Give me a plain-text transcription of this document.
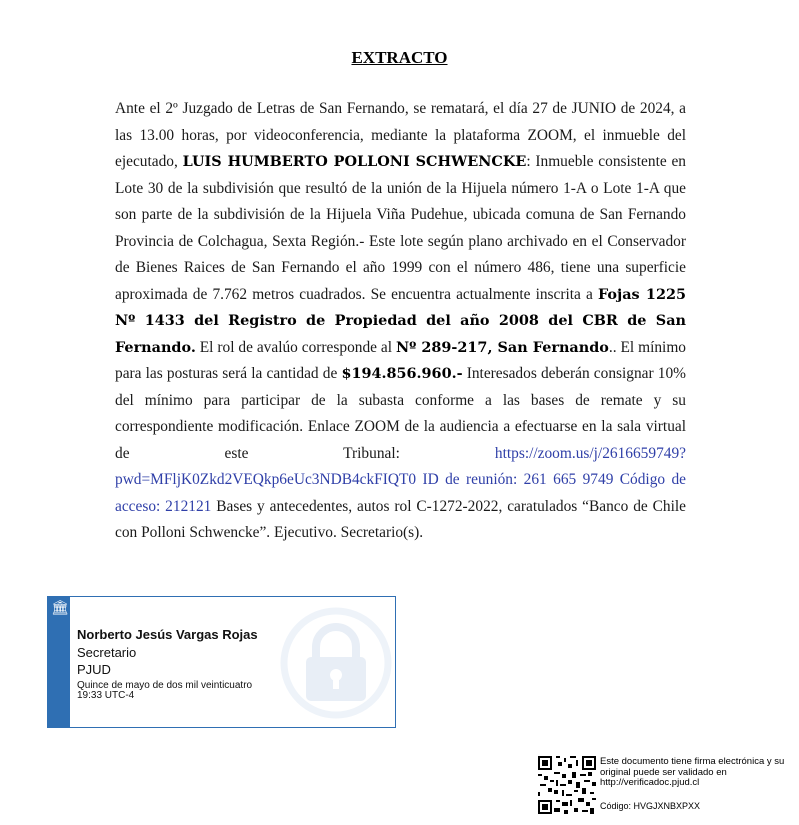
EXTRACTO
Ante el 2º Juzgado de Letras de San Fernando, se rematará, el día 27 de JUNIO de 2024, a las 13.00 horas, por videoconferencia, mediante la plataforma ZOOM, el inmueble del ejecutado, LUIS HUMBERTO POLLONI SCHWENCKE: Inmueble consistente en Lote 30 de la subdivisión que resultó de la unión de la Hijuela número 1-A o Lote 1-A que son parte de la subdivisión de la Hijuela Viña Pudehue, ubicada comuna de San Fernando Provincia de Colchagua, Sexta Región.- Este lote según plano archivado en el Conservador de Bienes Raices de San Fernando el año 1999 con el número 486, tiene una superficie aproximada de 7.762 metros cuadrados. Se encuentra actualmente inscrita a Fojas 1225 Nº 1433 del Registro de Propiedad del año 2008 del CBR de San Fernando. El rol de avalúo corresponde al Nº 289-217, San Fernando.. El mínimo para las posturas será la cantidad de $194.856.960.- Interesados deberán consignar 10% del mínimo para participar de la subasta conforme a las bases de remate y su correspondiente modificación. Enlace ZOOM de la audiencia a efectuarse en la sala virtual de este Tribunal: https://zoom.us/j/2616659749?pwd=MFljK0Zkd2VEQkp6eUc3NDB4ckFIQT0 ID de reunión: 261 665 9749 Código de acceso: 212121 Bases y antecedentes, autos rol C-1272-2022, caratulados “Banco de Chile con Polloni Schwencke”. Ejecutivo. Secretario(s).
🏛
Norberto Jesús Vargas Rojas
Secretario
PJUD
Quince de mayo de dos mil veinticuatro
19:33 UTC-4
Este documento tiene firma electrónica y su original puede ser validado en http://verificadoc.pjud.cl
Código: HVGJXNBXPXX
